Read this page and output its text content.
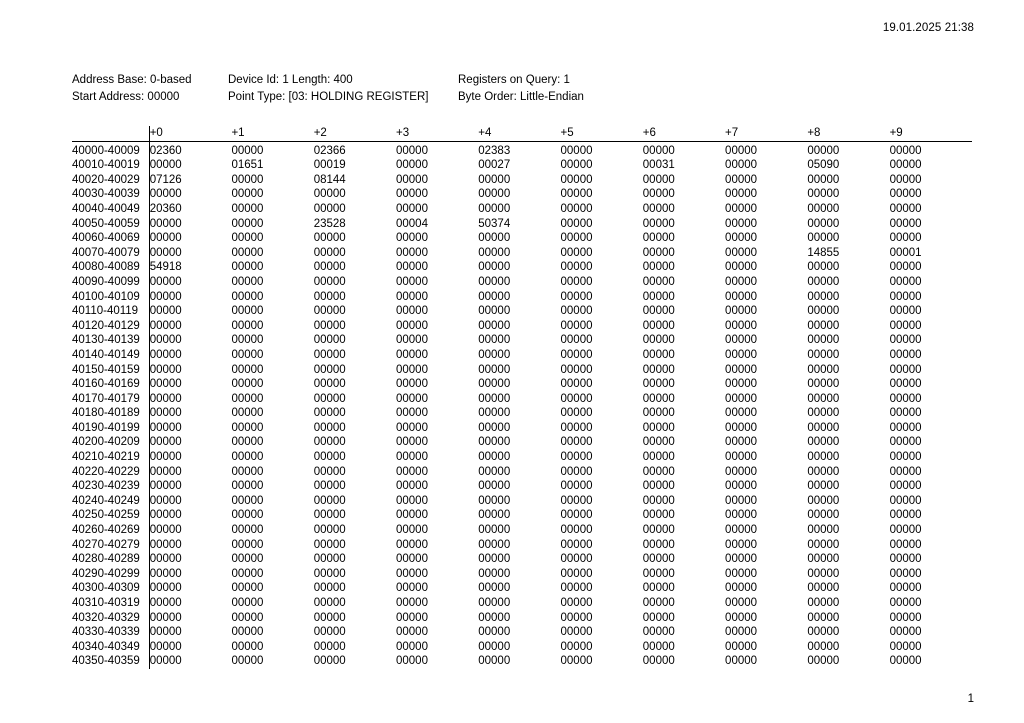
19.01.2025 21:38
Address Base: 0-based	Device Id: 1 Length: 400	Registers on Query: 1
Start Address: 00000	Point Type: [03: HOLDING REGISTER]	Byte Order: Little-Endian
	+0	+1	+2	+3	+4	+5	+6	+7	+8	+9
40000-40009	02360	00000	02366	00000	02383	00000	00000	00000	00000	00000
40010-40019	00000	01651	00019	00000	00027	00000	00031	00000	05090	00000
40020-40029	07126	00000	08144	00000	00000	00000	00000	00000	00000	00000
40030-40039	00000	00000	00000	00000	00000	00000	00000	00000	00000	00000
40040-40049	20360	00000	00000	00000	00000	00000	00000	00000	00000	00000
40050-40059	00000	00000	23528	00004	50374	00000	00000	00000	00000	00000
40060-40069	00000	00000	00000	00000	00000	00000	00000	00000	00000	00000
40070-40079	00000	00000	00000	00000	00000	00000	00000	00000	14855	00001
40080-40089	54918	00000	00000	00000	00000	00000	00000	00000	00000	00000
40090-40099	00000	00000	00000	00000	00000	00000	00000	00000	00000	00000
40100-40109	00000	00000	00000	00000	00000	00000	00000	00000	00000	00000
40110-40119	00000	00000	00000	00000	00000	00000	00000	00000	00000	00000
40120-40129	00000	00000	00000	00000	00000	00000	00000	00000	00000	00000
40130-40139	00000	00000	00000	00000	00000	00000	00000	00000	00000	00000
40140-40149	00000	00000	00000	00000	00000	00000	00000	00000	00000	00000
40150-40159	00000	00000	00000	00000	00000	00000	00000	00000	00000	00000
40160-40169	00000	00000	00000	00000	00000	00000	00000	00000	00000	00000
40170-40179	00000	00000	00000	00000	00000	00000	00000	00000	00000	00000
40180-40189	00000	00000	00000	00000	00000	00000	00000	00000	00000	00000
40190-40199	00000	00000	00000	00000	00000	00000	00000	00000	00000	00000
40200-40209	00000	00000	00000	00000	00000	00000	00000	00000	00000	00000
40210-40219	00000	00000	00000	00000	00000	00000	00000	00000	00000	00000
40220-40229	00000	00000	00000	00000	00000	00000	00000	00000	00000	00000
40230-40239	00000	00000	00000	00000	00000	00000	00000	00000	00000	00000
40240-40249	00000	00000	00000	00000	00000	00000	00000	00000	00000	00000
40250-40259	00000	00000	00000	00000	00000	00000	00000	00000	00000	00000
40260-40269	00000	00000	00000	00000	00000	00000	00000	00000	00000	00000
40270-40279	00000	00000	00000	00000	00000	00000	00000	00000	00000	00000
40280-40289	00000	00000	00000	00000	00000	00000	00000	00000	00000	00000
40290-40299	00000	00000	00000	00000	00000	00000	00000	00000	00000	00000
40300-40309	00000	00000	00000	00000	00000	00000	00000	00000	00000	00000
40310-40319	00000	00000	00000	00000	00000	00000	00000	00000	00000	00000
40320-40329	00000	00000	00000	00000	00000	00000	00000	00000	00000	00000
40330-40339	00000	00000	00000	00000	00000	00000	00000	00000	00000	00000
40340-40349	00000	00000	00000	00000	00000	00000	00000	00000	00000	00000
40350-40359	00000	00000	00000	00000	00000	00000	00000	00000	00000	00000
1
